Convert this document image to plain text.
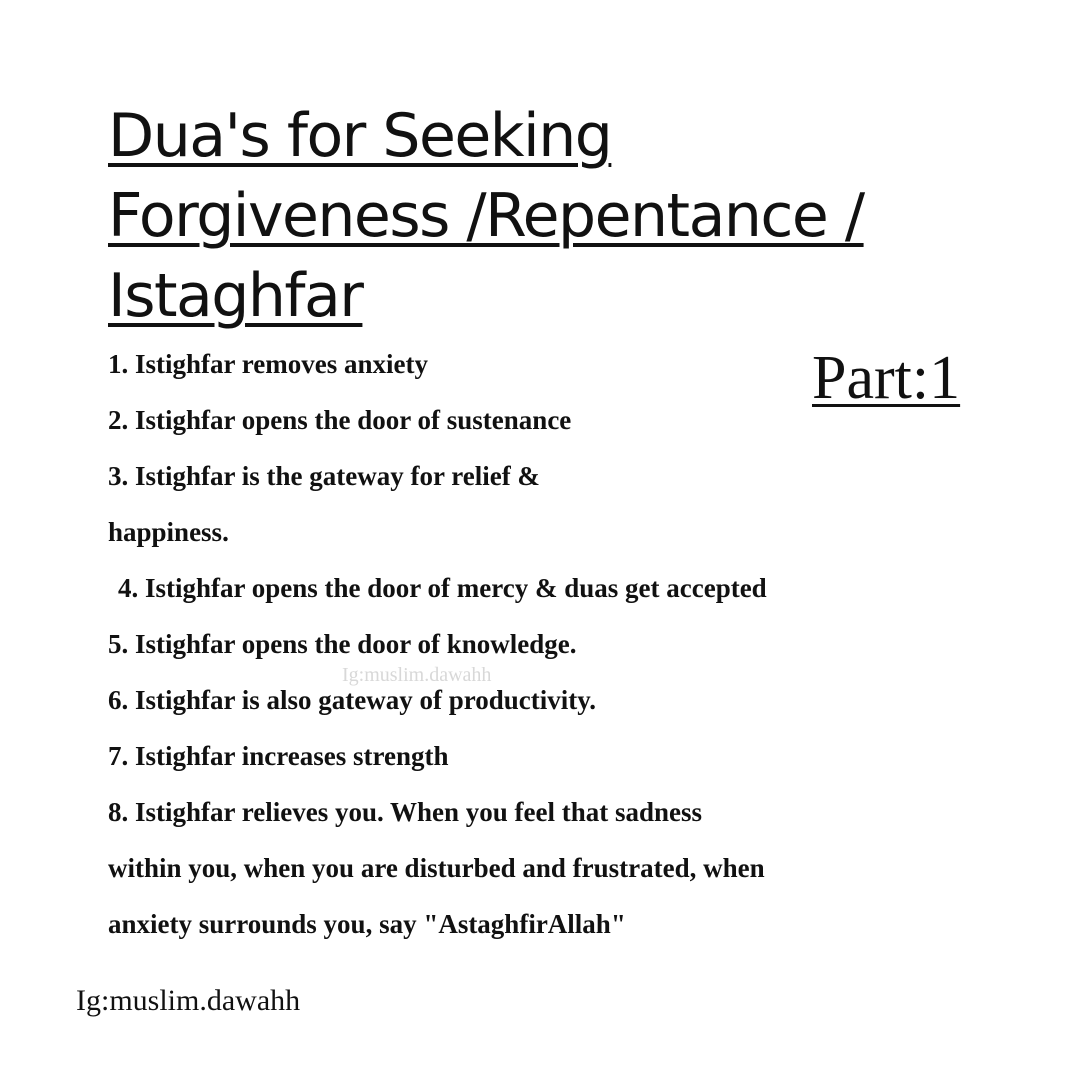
Dua's for Seeking
Forgiveness /Repentance /
Istaghfar
Part:1
1. Istighfar removes anxiety
2. Istighfar opens the door of sustenance
3. Istighfar is the gateway for relief &
happiness.
4. Istighfar opens the door of mercy & duas get accepted
5. Istighfar opens the door of knowledge.
6. Istighfar is also gateway of productivity.
7. Istighfar increases strength
8. Istighfar relieves you. When you feel that sadness
within you, when you are disturbed and frustrated, when
anxiety surrounds you, say "AstaghfirAllah"
Ig:muslim.dawahh
Ig:muslim.dawahh
